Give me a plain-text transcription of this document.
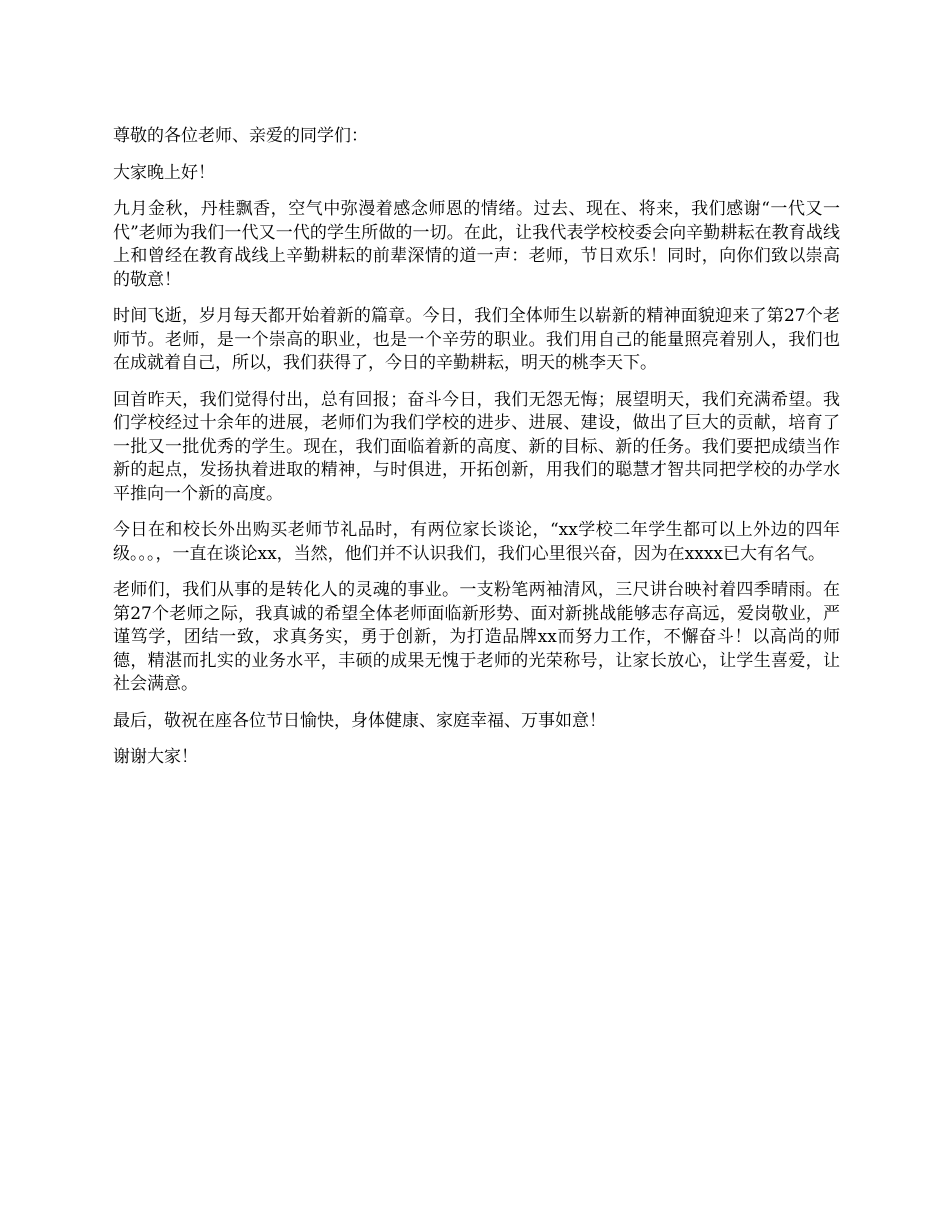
尊敬的各位老师、亲爱的同学们：

大家晚上好！

九月金秋，丹桂飘香，空气中弥漫着感念师恩的情绪。过去、现在、将来，我们感谢“一代又一代”老师为我们一代又一代的学生所做的一切。在此，让我代表学校校委会向辛勤耕耘在教育战线上和曾经在教育战线上辛勤耕耘的前辈深情的道一声：老师，节日欢乐！同时，向你们致以崇高的敬意！

时间飞逝，岁月每天都开始着新的篇章。今日，我们全体师生以崭新的精神面貌迎来了第27个老师节。老师，是一个崇高的职业，也是一个辛劳的职业。我们用自己的能量照亮着别人，我们也在成就着自己，所以，我们获得了，今日的辛勤耕耘，明天的桃李天下。

回首昨天，我们觉得付出，总有回报；奋斗今日，我们无怨无悔；展望明天，我们充满希望。我们学校经过十余年的进展，老师们为我们学校的进步、进展、建设，做出了巨大的贡献，培育了一批又一批优秀的学生。现在，我们面临着新的高度、新的目标、新的任务。我们要把成绩当作新的起点，发扬执着进取的精神，与时俱进，开拓创新，用我们的聪慧才智共同把学校的办学水平推向一个新的高度。

今日在和校长外出购买老师节礼品时，有两位家长谈论，“xx学校二年学生都可以上外边的四年级。。。，一直在谈论xx，当然，他们并不认识我们，我们心里很兴奋，因为在xxxx已大有名气。

老师们，我们从事的是转化人的灵魂的事业。一支粉笔两袖清风，三尺讲台映衬着四季晴雨。在第27个老师之际，我真诚的希望全体老师面临新形势、面对新挑战能够志存高远，爱岗敬业，严谨笃学，团结一致，求真务实，勇于创新，为打造品牌xx而努力工作，不懈奋斗！以高尚的师德，精湛而扎实的业务水平，丰硕的成果无愧于老师的光荣称号，让家长放心，让学生喜爱，让社会满意。

最后，敬祝在座各位节日愉快，身体健康、家庭幸福、万事如意！

谢谢大家！
